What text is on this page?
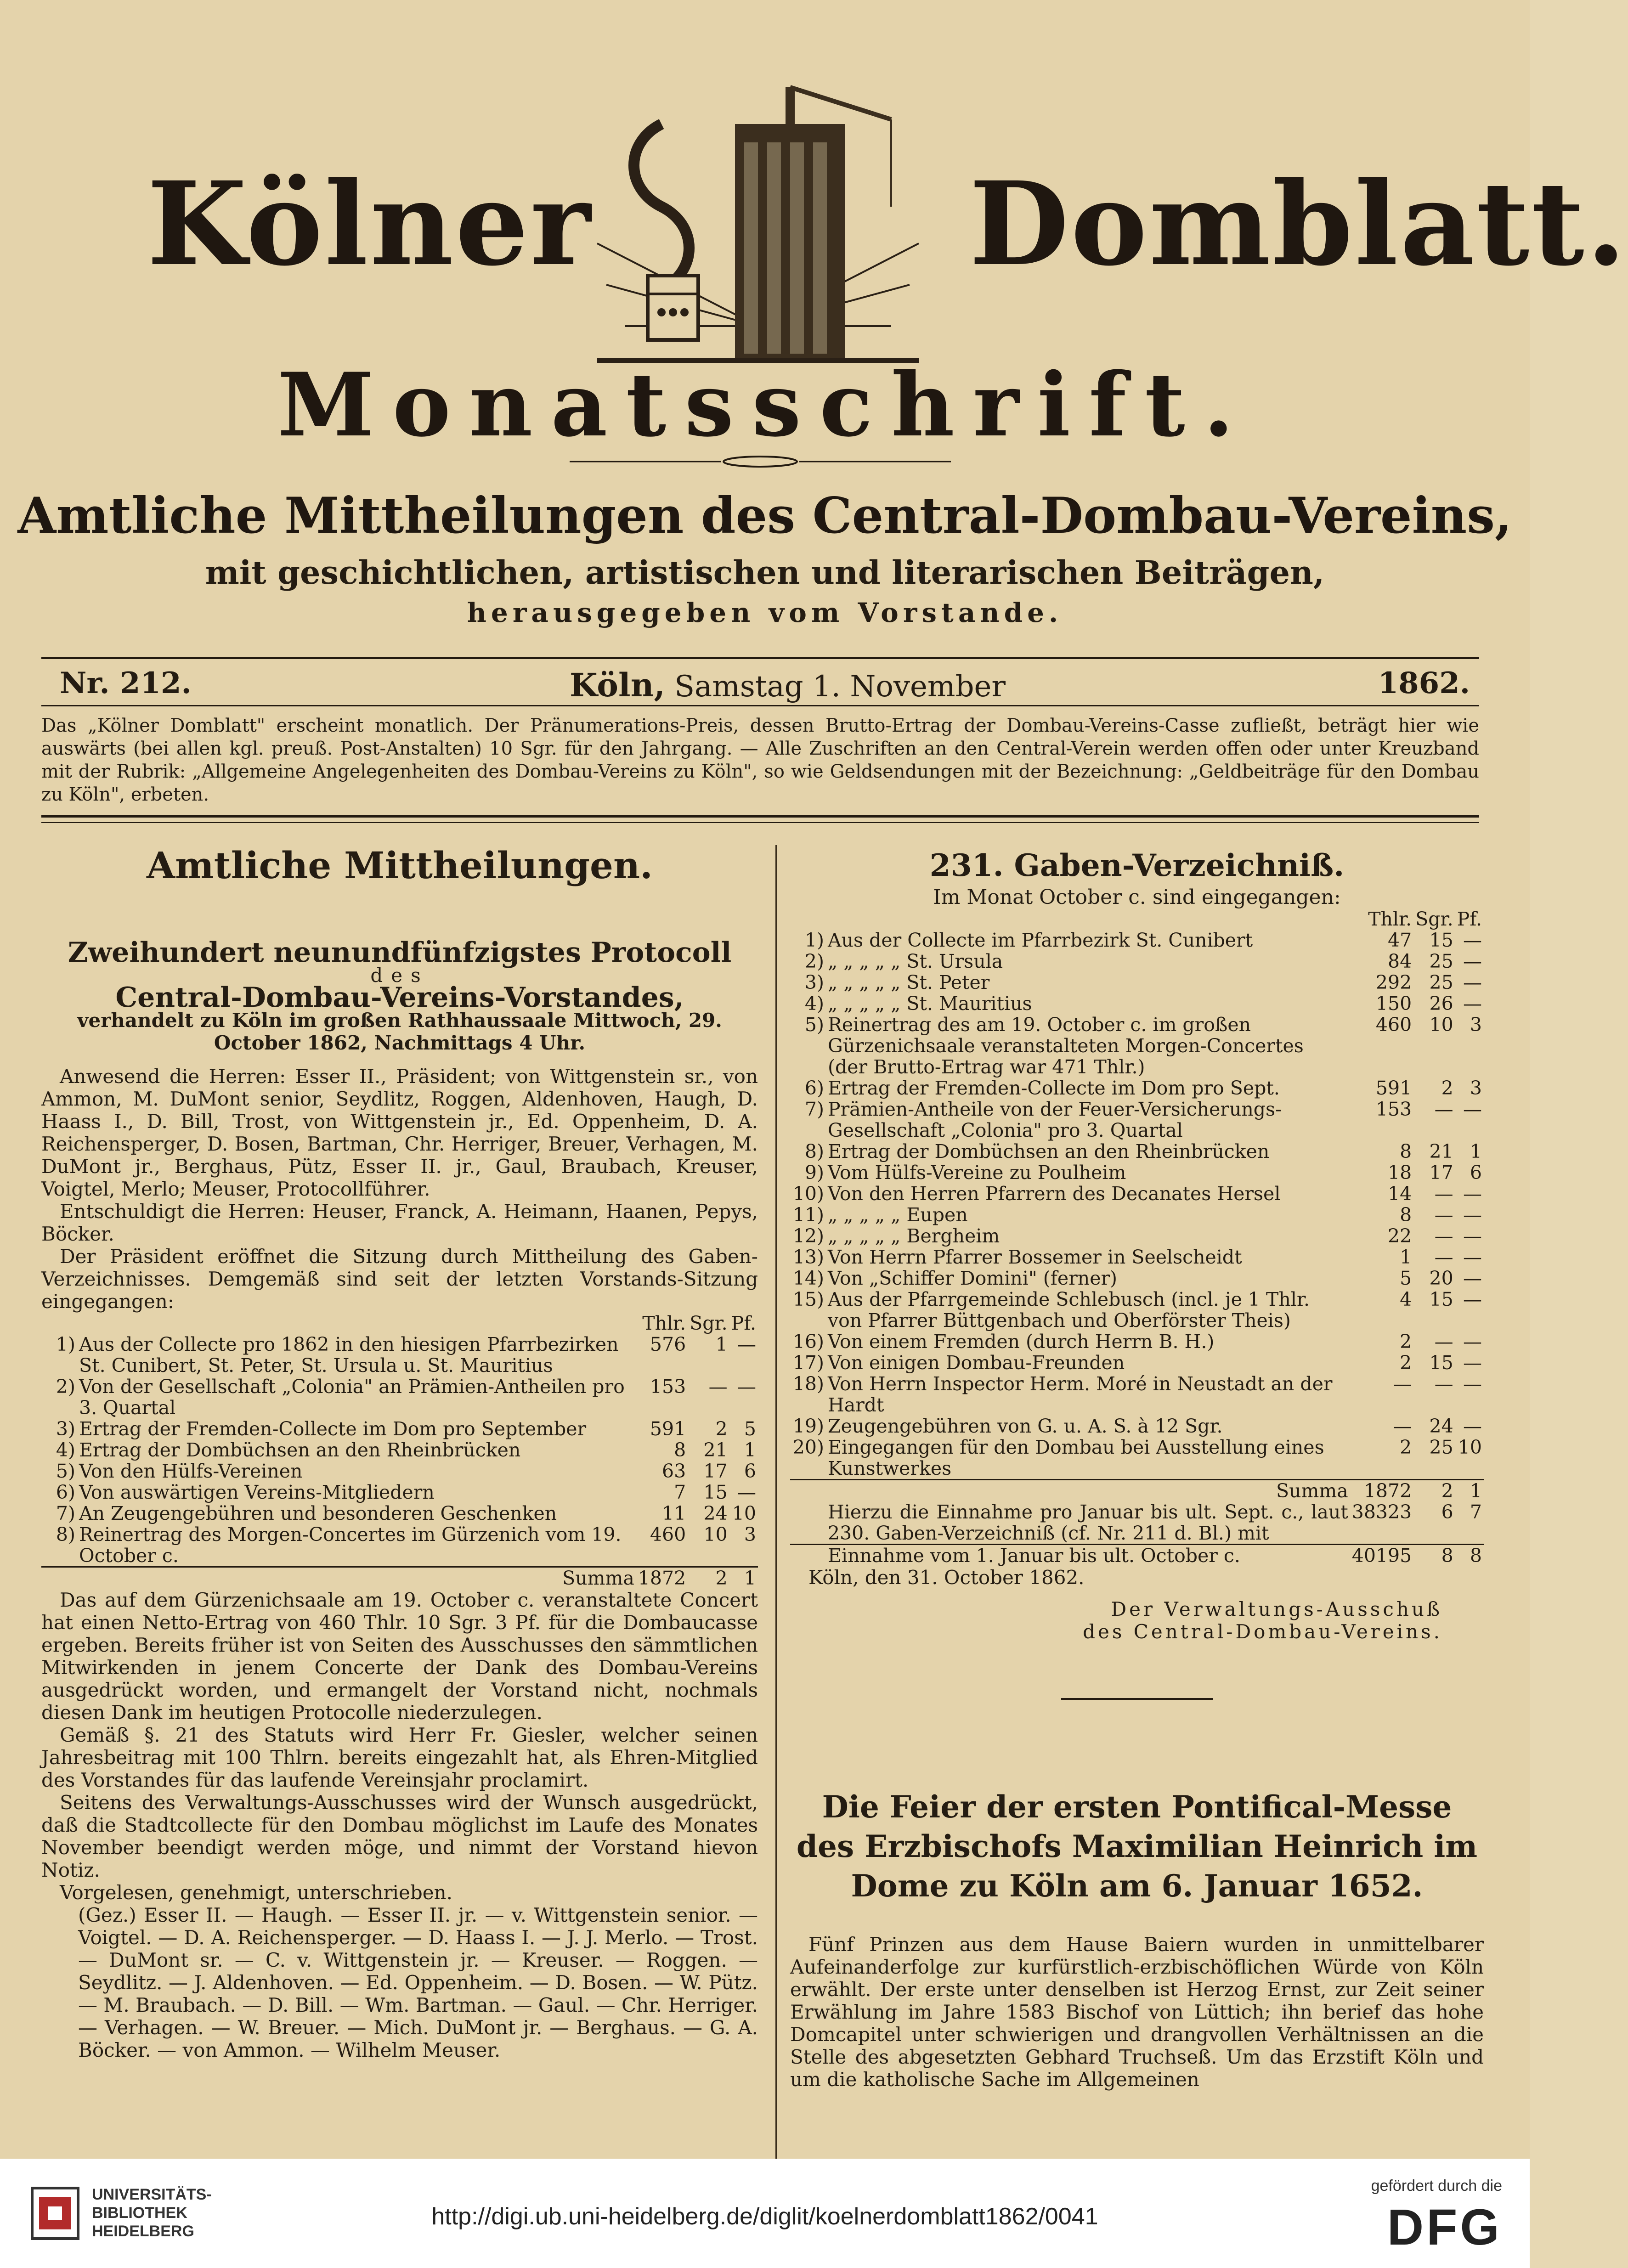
Kölner	Domblatt.
Monatsschrift.
Amtliche Mittheilungen des Central-Dombau-Vereins,
mit geschichtlichen, artistischen und literarischen Beiträgen,
herausgegeben vom Vorstande.
Nr. 212.	Köln, Samstag 1. November	1862.
Das „Kölner Domblatt" erscheint monatlich. Der Pränumerations-Preis, dessen Brutto-Ertrag der Dombau-Vereins-Casse zufließt, beträgt hier wie auswärts (bei allen kgl. preuß. Post-Anstalten) 10 Sgr. für den Jahrgang. — Alle Zuschriften an den Central-Verein werden offen oder unter Kreuzband mit der Rubrik: „Allgemeine Angelegenheiten des Dombau-Vereins zu Köln", so wie Geldsendungen mit der Bezeichnung: „Geldbeiträge für den Dombau zu Köln", erbeten.
Amtliche Mittheilungen.
Zweihundert neunundfünfzigstes Protocoll
des
Central-Dombau-Vereins-Vorstandes,
verhandelt zu Köln im großen Rathhaussaale Mittwoch, 29. October 1862, Nachmittags 4 Uhr.

Anwesend die Herren: Esser II., Präsident; von Wittgenstein sr., von Ammon, M. DuMont senior, Seydlitz, Roggen, Aldenhoven, Haugh, D. Haass I., D. Bill, Trost, von Wittgenstein jr., Ed. Oppenheim, D. A. Reichensperger, D. Bosen, Bartman, Chr. Herriger, Breuer, Verhagen, M. DuMont jr., Berghaus, Pütz, Esser II. jr., Gaul, Braubach, Kreuser, Voigtel, Merlo; Meuser, Protocollführer.

Entschuldigt die Herren: Heuser, Franck, A. Heimann, Haanen, Pepys, Böcker.

Der Präsident eröffnet die Sitzung durch Mittheilung des Gaben-Verzeichnisses. Demgemäß sind seit der letzten Vorstands-Sitzung eingegangen:

		Thlr.	Sgr.	Pf.
1)	Aus der Collecte pro 1862 in den hiesigen Pfarrbezirken St. Cunibert, St. Peter, St. Ursula u. St. Mauritius	576	1	—
2)	Von der Gesellschaft „Colonia" an Prämien-Antheilen pro 3. Quartal	153	—	—
3)	Ertrag der Fremden-Collecte im Dom pro September	591	2	5
4)	Ertrag der Dombüchsen an den Rheinbrücken	8	21	1
5)	Von den Hülfs-Vereinen	63	17	6
6)	Von auswärtigen Vereins-Mitgliedern	7	15	—
7)	An Zeugengebühren und besonderen Geschenken	11	24	10
8)	Reinertrag des Morgen-Concertes im Gürzenich vom 19. October c.	460	10	3
	Summa	1872	2	1

Das auf dem Gürzenichsaale am 19. October c. veranstaltete Concert hat einen Netto-Ertrag von 460 Thlr. 10 Sgr. 3 Pf. für die Dombaucasse ergeben. Bereits früher ist von Seiten des Ausschusses den sämmtlichen Mitwirkenden in jenem Concerte der Dank des Dombau-Vereins ausgedrückt worden, und ermangelt der Vorstand nicht, nochmals diesen Dank im heutigen Protocolle niederzulegen.

Gemäß §. 21 des Statuts wird Herr Fr. Giesler, welcher seinen Jahresbeitrag mit 100 Thlrn. bereits eingezahlt hat, als Ehren-Mitglied des Vorstandes für das laufende Vereinsjahr proclamirt.

Seitens des Verwaltungs-Ausschusses wird der Wunsch ausgedrückt, daß die Stadtcollecte für den Dombau möglichst im Laufe des Monates November beendigt werden möge, und nimmt der Vorstand hievon Notiz.

Vorgelesen, genehmigt, unterschrieben.

(Gez.) Esser II. — Haugh. — Esser II. jr. — v. Wittgenstein senior. — Voigtel. — D. A. Reichensperger. — D. Haass I. — J. J. Merlo. — Trost. — DuMont sr. — C. v. Wittgenstein jr. — Kreuser. — Roggen. — Seydlitz. — J. Aldenhoven. — Ed. Oppenheim. — D. Bosen. — W. Pütz. — M. Braubach. — D. Bill. — Wm. Bartman. — Gaul. — Chr. Herriger. — Verhagen. — W. Breuer. — Mich. DuMont jr. — Berghaus. — G. A. Böcker. — von Ammon. — Wilhelm Meuser.

231. Gaben-Verzeichniß.
Im Monat October c. sind eingegangen:
		Thlr.	Sgr.	Pf.
1)	Aus der Collecte im Pfarrbezirk St. Cunibert	47	15	—
2)	„ „ „ „ „ St. Ursula	84	25	—
3)	„ „ „ „ „ St. Peter	292	25	—
4)	„ „ „ „ „ St. Mauritius	150	26	—
5)	Reinertrag des am 19. October c. im großen Gürzenichsaale veranstalteten Morgen-Concertes (der Brutto-Ertrag war 471 Thlr.)	460	10	3
6)	Ertrag der Fremden-Collecte im Dom pro Sept.	591	2	3
7)	Prämien-Antheile von der Feuer-Versicherungs-Gesellschaft „Colonia" pro 3. Quartal	153	—	—
8)	Ertrag der Dombüchsen an den Rheinbrücken	8	21	1
9)	Vom Hülfs-Vereine zu Poulheim	18	17	6
10)	Von den Herren Pfarrern des Decanates Hersel	14	—	—
11)	„ „ „ „ „ Eupen	8	—	—
12)	„ „ „ „ „ Bergheim	22	—	—
13)	Von Herrn Pfarrer Bossemer in Seelscheidt	1	—	—
14)	Von „Schiffer Domini" (ferner)	5	20	—
15)	Aus der Pfarrgemeinde Schlebusch (incl. je 1 Thlr. von Pfarrer Büttgenbach und Oberförster Theis)	4	15	—
16)	Von einem Fremden (durch Herrn B. H.)	2	—	—
17)	Von einigen Dombau-Freunden	2	15	—
18)	Von Herrn Inspector Herm. Moré in Neustadt an der Hardt	—	—	—
19)	Zeugengebühren von G. u. A. S. à 12 Sgr.	—	24	—
20)	Eingegangen für den Dombau bei Ausstellung eines Kunstwerkes	2	25	10
	Summa	1872	2	1
	Hierzu die Einnahme pro Januar bis ult. Sept. c., laut 230. Gaben-Verzeichniß (cf. Nr. 211 d. Bl.) mit	38323	6	7
	Einnahme vom 1. Januar bis ult. October c.	40195	8	8

Köln, den 31. October 1862.

Der Verwaltungs-Ausschuß
des Central-Dombau-Vereins.
Die Feier der ersten Pontifical-Messe des Erzbischofs Maximilian Heinrich im Dome zu Köln am 6. Januar 1652.

Fünf Prinzen aus dem Hause Baiern wurden in unmittelbarer Aufeinanderfolge zur kurfürstlich-erzbischöflichen Würde von Köln erwählt. Der erste unter denselben ist Herzog Ernst, zur Zeit seiner Erwählung im Jahre 1583 Bischof von Lüttich; ihn berief das hohe Domcapitel unter schwierigen und drangvollen Verhältnissen an die Stelle des abgesetzten Gebhard Truchseß. Um das Erzstift Köln und um die katholische Sache im Allgemeinen

UNIVERSITÄTS-
BIBLIOTHEK
HEIDELBERG
http://digi.ub.uni-heidelberg.de/diglit/koelnerdomblatt1862/0041
gefördert durch die
DFG
